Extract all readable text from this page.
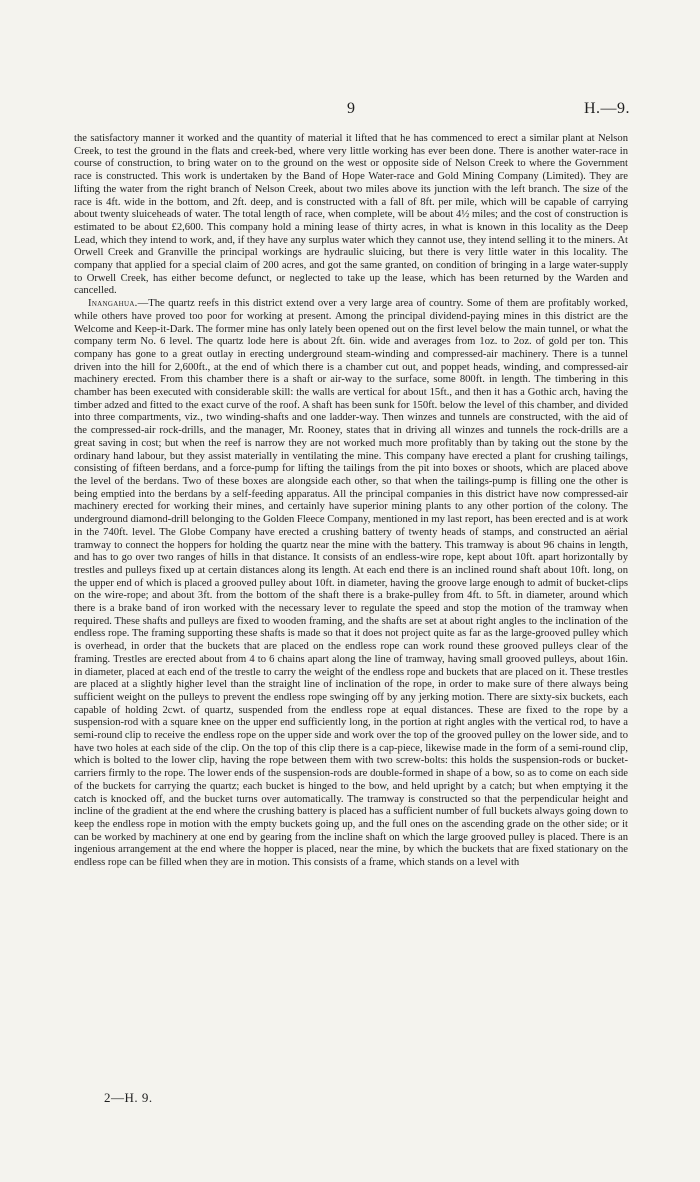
9	H.—9.

the satisfactory manner it worked and the quantity of material it lifted that he has commenced to erect a similar plant at Nelson Creek, to test the ground in the flats and creek-bed, where very little working has ever been done. There is another water-race in course of construction, to bring water on to the ground on the west or opposite side of Nelson Creek to where the Government race is constructed. This work is undertaken by the Band of Hope Water-race and Gold Mining Company (Limited). They are lifting the water from the right branch of Nelson Creek, about two miles above its junction with the left branch. The size of the race is 4ft. wide in the bottom, and 2ft. deep, and is constructed with a fall of 8ft. per mile, which will be capable of carrying about twenty sluiceheads of water. The total length of race, when complete, will be about 4½ miles; and the cost of construction is estimated to be about £2,600. This company hold a mining lease of thirty acres, in what is known in this locality as the Deep Lead, which they intend to work, and, if they have any surplus water which they cannot use, they intend selling it to the miners. At Orwell Creek and Granville the principal workings are hydraulic sluicing, but there is very little water in this locality. The company that applied for a special claim of 200 acres, and got the same granted, on condition of bringing in a large water-supply to Orwell Creek, has either become defunct, or neglected to take up the lease, which has been returned by the Warden and cancelled.

Inangahua.—The quartz reefs in this district extend over a very large area of country. Some of them are profitably worked, while others have proved too poor for working at present. Among the principal dividend-paying mines in this district are the Welcome and Keep-it-Dark. The former mine has only lately been opened out on the first level below the main tunnel, or what the company term No. 6 level. The quartz lode here is about 2ft. 6in. wide and averages from 1oz. to 2oz. of gold per ton. This company has gone to a great outlay in erecting underground steam-winding and compressed-air machinery. There is a tunnel driven into the hill for 2,600ft., at the end of which there is a chamber cut out, and poppet heads, winding, and compressed-air machinery erected. From this chamber there is a shaft or air-way to the surface, some 800ft. in length. The timbering in this chamber has been executed with considerable skill: the walls are vertical for about 15ft., and then it has a Gothic arch, having the timber adzed and fitted to the exact curve of the roof. A shaft has been sunk for 150ft. below the level of this chamber, and divided into three compartments, viz., two winding-shafts and one ladder-way. Then winzes and tunnels are constructed, with the aid of the compressed-air rock-drills, and the manager, Mr. Rooney, states that in driving all winzes and tunnels the rock-drills are a great saving in cost; but when the reef is narrow they are not worked much more profitably than by taking out the stone by the ordinary hand labour, but they assist materially in ventilating the mine. This company have erected a plant for crushing tailings, consisting of fifteen berdans, and a force-pump for lifting the tailings from the pit into boxes or shoots, which are placed above the level of the berdans. Two of these boxes are alongside each other, so that when the tailings-pump is filling one the other is being emptied into the berdans by a self-feeding apparatus. All the principal companies in this district have now compressed-air machinery erected for working their mines, and certainly have superior mining plants to any other portion of the colony. The underground diamond-drill belonging to the Golden Fleece Company, mentioned in my last report, has been erected and is at work in the 740ft. level. The Globe Company have erected a crushing battery of twenty heads of stamps, and constructed an aërial tramway to connect the hoppers for holding the quartz near the mine with the battery. This tramway is about 96 chains in length, and has to go over two ranges of hills in that distance. It consists of an endless-wire rope, kept about 10ft. apart horizontally by trestles and pulleys fixed up at certain distances along its length. At each end there is an inclined round shaft about 10ft. long, on the upper end of which is placed a grooved pulley about 10ft. in diameter, having the groove large enough to admit of bucket-clips on the wire-rope; and about 3ft. from the bottom of the shaft there is a brake-pulley from 4ft. to 5ft. in diameter, around which there is a brake band of iron worked with the necessary lever to regulate the speed and stop the motion of the tramway when required. These shafts and pulleys are fixed to wooden framing, and the shafts are set at about right angles to the inclination of the endless rope. The framing supporting these shafts is made so that it does not project quite as far as the large-grooved pulley which is overhead, in order that the buckets that are placed on the endless rope can work round these grooved pulleys clear of the framing. Trestles are erected about from 4 to 6 chains apart along the line of tramway, having small grooved pulleys, about 16in. in diameter, placed at each end of the trestle to carry the weight of the endless rope and buckets that are placed on it. These trestles are placed at a slightly higher level than the straight line of inclination of the rope, in order to make sure of there always being sufficient weight on the pulleys to prevent the endless rope swinging off by any jerking motion. There are sixty-six buckets, each capable of holding 2cwt. of quartz, suspended from the endless rope at equal distances. These are fixed to the rope by a suspension-rod with a square knee on the upper end sufficiently long, in the portion at right angles with the vertical rod, to have a semi-round clip to receive the endless rope on the upper side and work over the top of the grooved pulley on the lower side, and to have two holes at each side of the clip. On the top of this clip there is a cap-piece, likewise made in the form of a semi-round clip, which is bolted to the lower clip, having the rope between them with two screw-bolts: this holds the suspension-rods or bucket-carriers firmly to the rope. The lower ends of the suspension-rods are double-formed in shape of a bow, so as to come on each side of the buckets for carrying the quartz; each bucket is hinged to the bow, and held upright by a catch; but when emptying it the catch is knocked off, and the bucket turns over automatically. The tramway is constructed so that the perpendicular height and incline of the gradient at the end where the crushing battery is placed has a sufficient number of full buckets always going down to keep the endless rope in motion with the empty buckets going up, and the full ones on the ascending grade on the other side; or it can be worked by machinery at one end by gearing from the incline shaft on which the large grooved pulley is placed. There is an ingenious arrangement at the end where the hopper is placed, near the mine, by which the buckets that are fixed stationary on the endless rope can be filled when they are in motion. This consists of a frame, which stands on a level with

2—H. 9.
